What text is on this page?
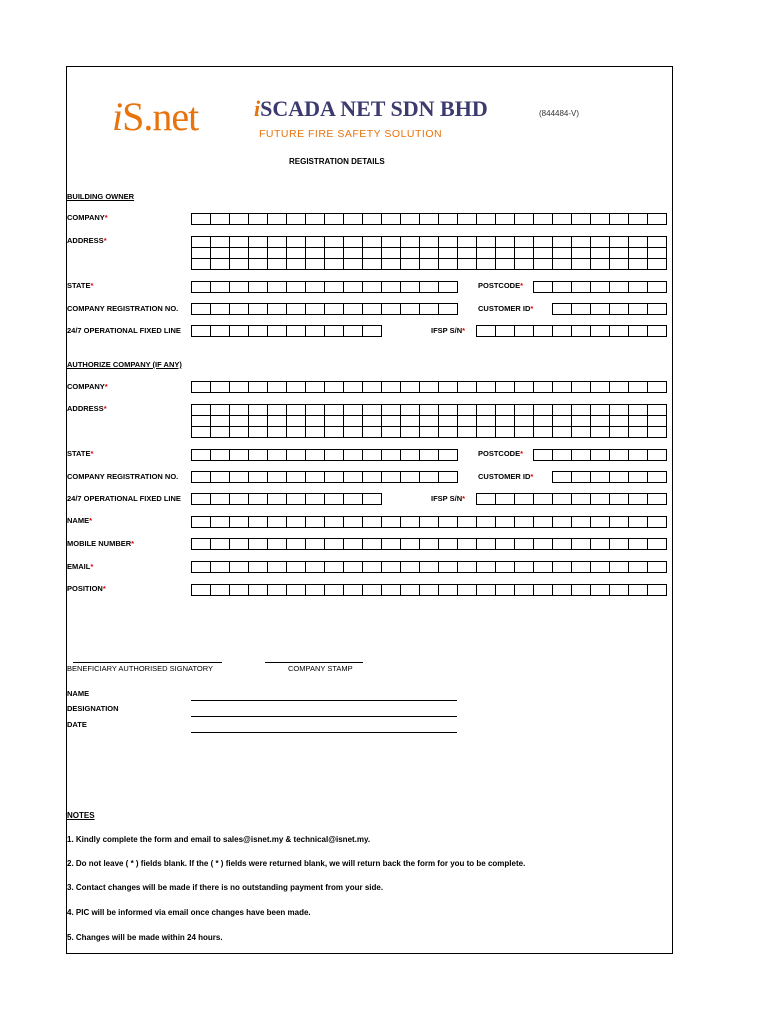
iS.net	iSCADA NET SDN BHD	(844484-V)
FUTURE FIRE SAFETY SOLUTION
REGISTRATION DETAILS
BUILDING OWNER
COMPANY*
ADDRESS*
STATE*	POSTCODE*
COMPANY REGISTRATION NO.	CUSTOMER ID*
24/7 OPERATIONAL FIXED LINE	IFSP S/N*
AUTHORIZE COMPANY (IF ANY)
COMPANY*
ADDRESS*
STATE*	POSTCODE*
COMPANY REGISTRATION NO.	CUSTOMER ID*
24/7 OPERATIONAL FIXED LINE	IFSP S/N*
NAME*
MOBILE NUMBER*
EMAIL*
POSITION*
BENEFICIARY AUTHORISED SIGNATORY	COMPANY STAMP
NAME
DESIGNATION
DATE
NOTES
1. Kindly complete the form and email to sales@isnet.my & technical@isnet.my.
2. Do not leave ( * ) fields blank. If the ( * ) fields were returned blank, we will return back the form for you to be complete.
3. Contact changes will be made if there is no outstanding payment from your side.
4. PIC will be informed via email once changes have been made.
5. Changes will be made within 24 hours.
